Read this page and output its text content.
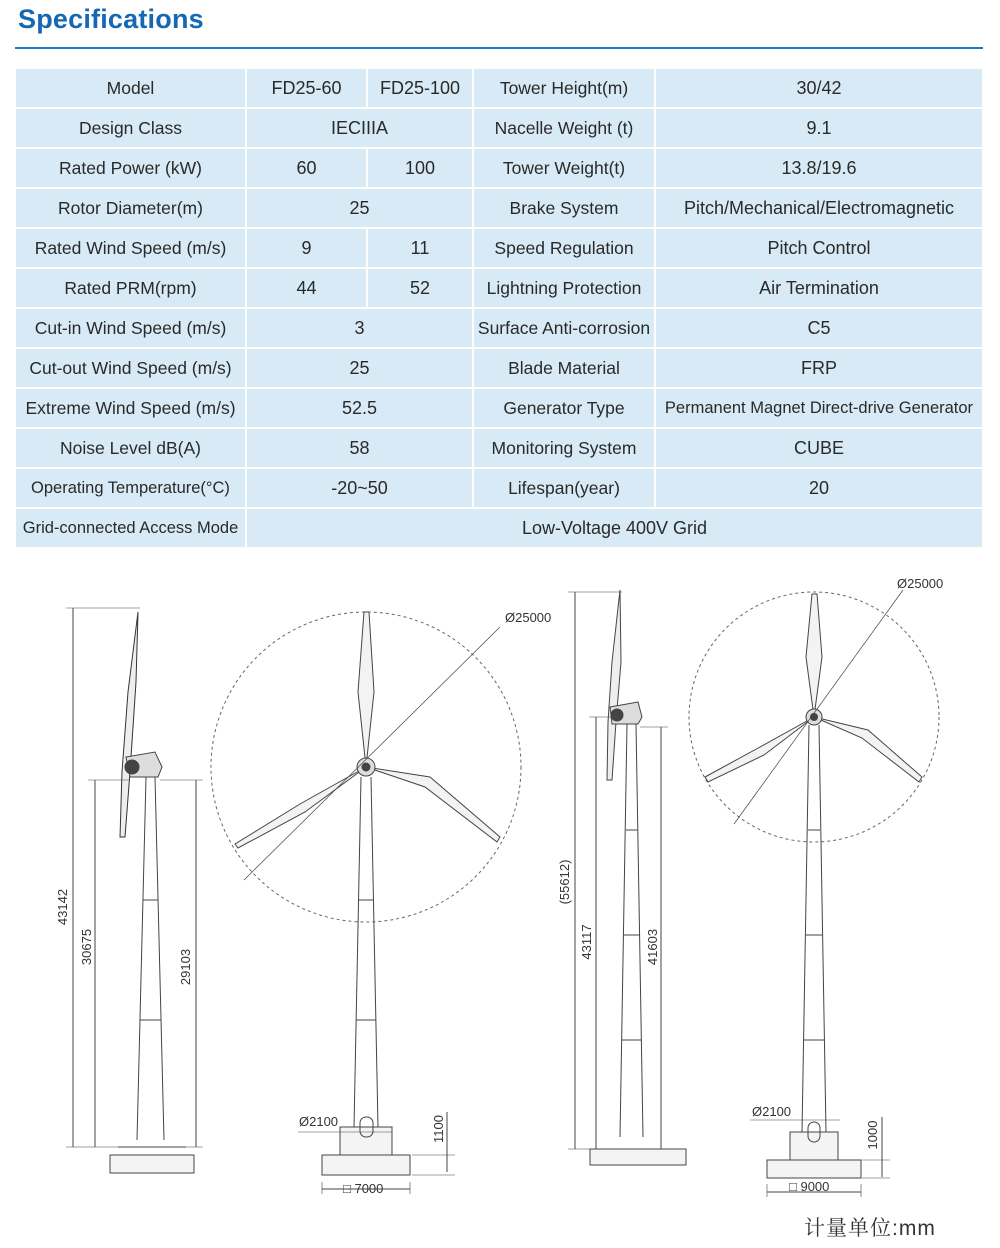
Specifications
Model	FD25-60	FD25-100	Tower Height(m)	30/42
Design Class	IECIIIA		Nacelle Weight (t)	9.1
Rated Power (kW)	60	100	Tower Weight(t)	13.8/19.6
Rotor Diameter(m)	25		Brake System	Pitch/Mechanical/Electromagnetic
Rated Wind Speed (m/s)	9	11	Speed Regulation	Pitch Control
Rated PRM(rpm)	44	52	Lightning Protection	Air Termination
Cut-in Wind Speed (m/s)	3		Surface Anti-corrosion	C5
Cut-out Wind Speed (m/s)	25		Blade Material	FRP
Extreme Wind Speed (m/s)	52.5		Generator Type	Permanent Magnet Direct-drive Generator
Noise Level dB(A)	58		Monitoring System	CUBE
Operating Temperature(°C)	-20~50		Lifespan(year)	20
Grid-connected Access Mode	Low-Voltage 400V Grid			
43142
30675
29103
Ø25000
Ø2100	1100
□ 7000
(55612)
43117	41603
Ø25000
Ø2100
1000
□ 9000
计量单位:mm
